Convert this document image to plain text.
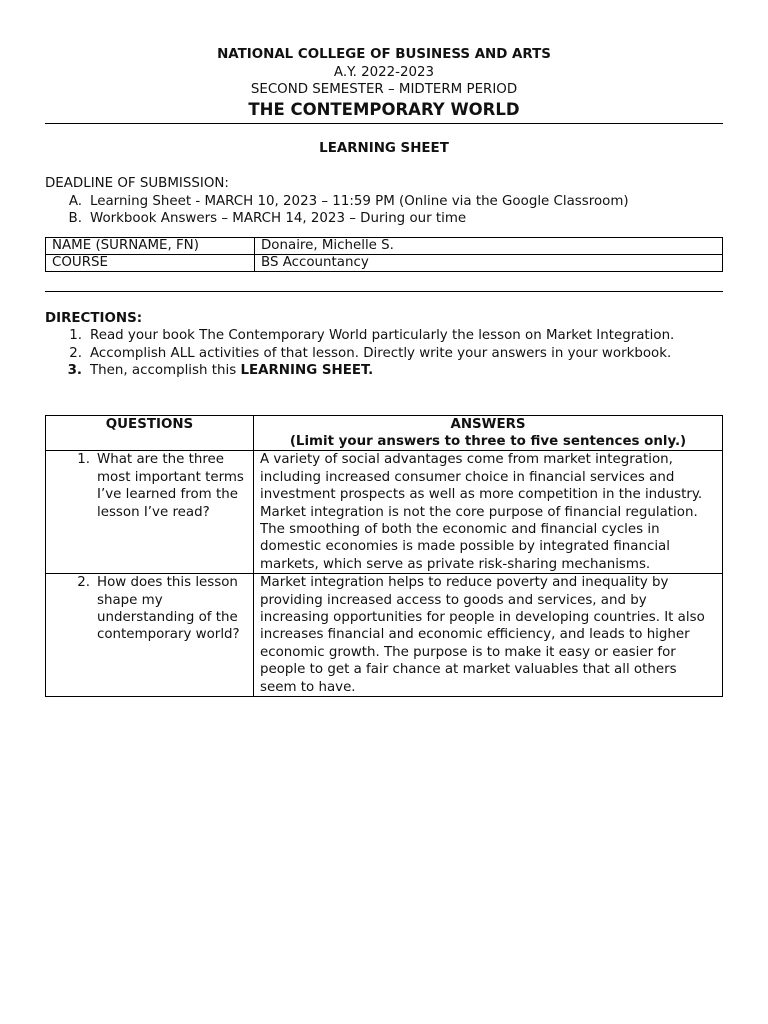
NATIONAL COLLEGE OF BUSINESS AND ARTS
A.Y. 2022-2023
SECOND SEMESTER – MIDTERM PERIOD
THE CONTEMPORARY WORLD
LEARNING SHEET
DEADLINE OF SUBMISSION:
A. Learning Sheet - MARCH 10, 2023 – 11:59 PM (Online via the Google Classroom)
B. Workbook Answers – MARCH 14, 2023 – During our time
NAME (SURNAME, FN)	Donaire, Michelle S.
COURSE	BS Accountancy
DIRECTIONS:
1. Read your book The Contemporary World particularly the lesson on Market Integration.
2. Accomplish ALL activities of that lesson. Directly write your answers in your workbook.
3. Then, accomplish this LEARNING SHEET.
QUESTIONS	ANSWERS
(Limit your answers to three to five sentences only.)

1. What are the three most important terms I’ve learned from the lesson I’ve read?	A variety of social advantages come from market integration, including increased consumer choice in financial services and investment prospects as well as more competition in the industry. Market integration is not the core purpose of financial regulation. The smoothing of both the economic and financial cycles in domestic economies is made possible by integrated financial markets, which serve as private risk-sharing mechanisms.

2. How does this lesson shape my understanding of the contemporary world?	Market integration helps to reduce poverty and inequality by providing increased access to goods and services, and by increasing opportunities for people in developing countries. It also increases financial and economic efficiency, and leads to higher economic growth. The purpose is to make it easy or easier for people to get a fair chance at market valuables that all others seem to have.
